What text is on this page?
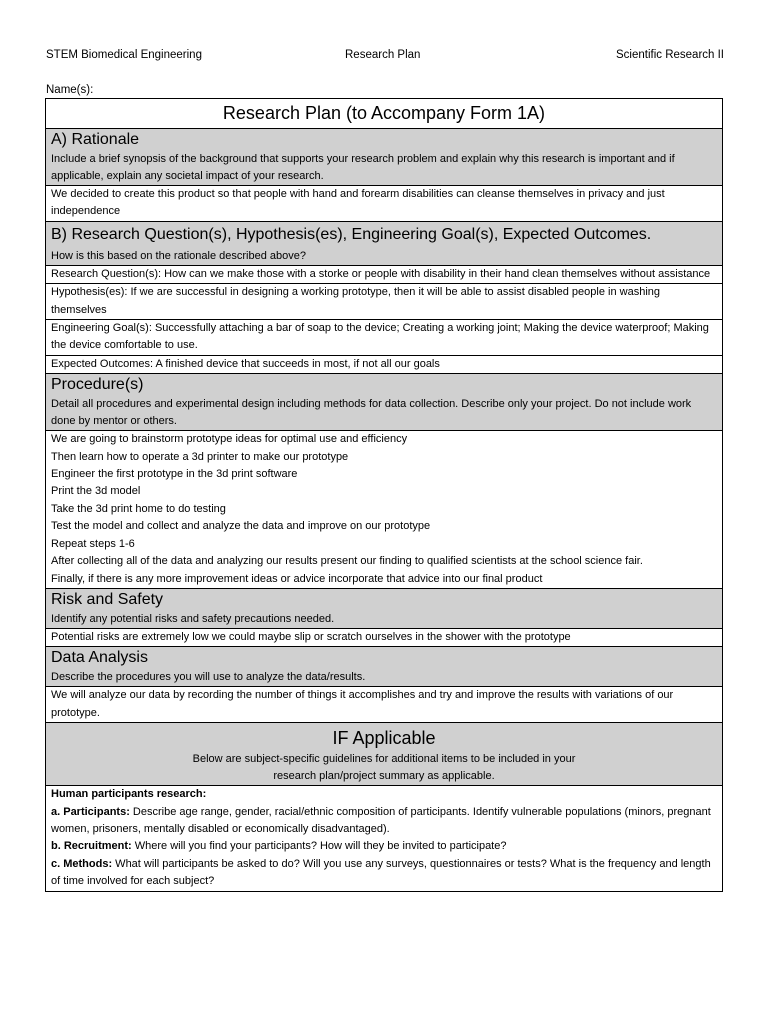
STEM Biomedical Engineering	Research Plan	Scientific Research II
Name(s):
Research Plan (to Accompany Form 1A)
A) Rationale
Include a brief synopsis of the background that supports your research problem and explain why this research is important and if applicable, explain any societal impact of your research.
We decided to create this product so that people with hand and forearm disabilities can cleanse themselves in privacy and just independence
B) Research Question(s), Hypothesis(es), Engineering Goal(s), Expected Outcomes.
How is this based on the rationale described above?
Research Question(s): How can we make those with a storke or people with disability in their hand clean themselves without assistance
Hypothesis(es): If we are successful in designing a working prototype, then it will be able to assist disabled people in washing themselves
Engineering Goal(s): Successfully attaching a bar of soap to the device; Creating a working joint; Making the device waterproof; Making the device comfortable to use.
Expected Outcomes: A finished device that succeeds in most, if not all our goals
Procedure(s)
Detail all procedures and experimental design including methods for data collection. Describe only your project. Do not include work done by mentor or others.

We are going to brainstorm prototype ideas for optimal use and efficiency

Then learn how to operate a 3d printer to make our prototype

Engineer the first prototype in the 3d print software

Print the 3d model

Take the 3d print home to do testing

Test the model and collect and analyze the data and improve on our prototype

Repeat steps 1-6

After collecting all of the data and analyzing our results present our finding to qualified scientists at the school science fair.

Finally, if there is any more improvement ideas or advice incorporate that advice into our final product

Risk and Safety
Identify any potential risks and safety precautions needed.
Potential risks are extremely low we could maybe slip or scratch ourselves in the shower with the prototype
Data Analysis
Describe the procedures you will use to analyze the data/results.
We will analyze our data by recording the number of things it accomplishes and try and improve the results with variations of our prototype.
IF Applicable
Below are subject-specific guidelines for additional items to be included in your
research plan/project summary as applicable.

Human participants research:

a. Participants: Describe age range, gender, racial/ethnic composition of participants. Identify vulnerable populations (minors, pregnant women, prisoners, mentally disabled or economically disadvantaged).

b. Recruitment: Where will you find your participants? How will they be invited to participate?

c. Methods: What will participants be asked to do? Will you use any surveys, questionnaires or tests? What is the frequency and length of time involved for each subject?
